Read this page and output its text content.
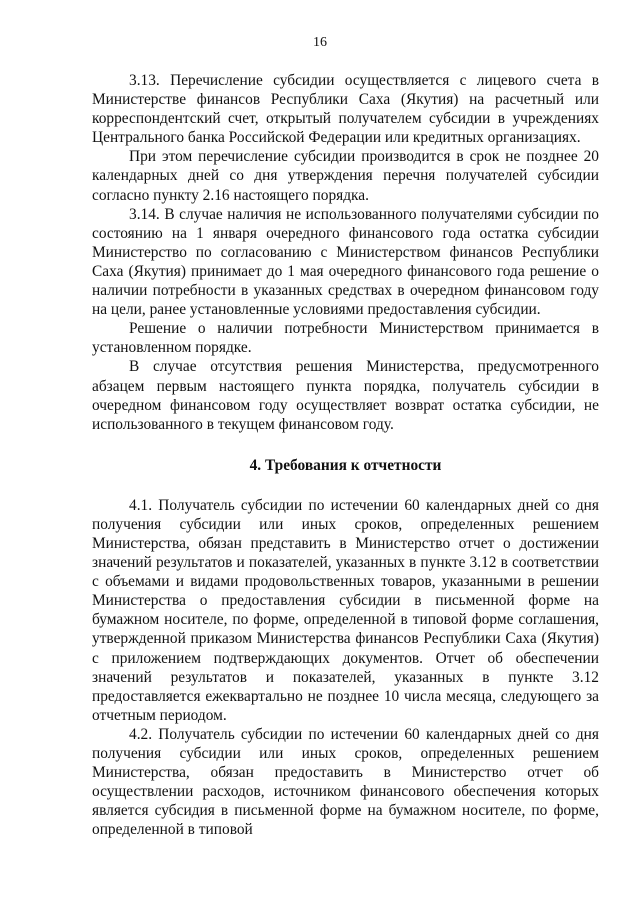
16

3.13. Перечисление субсидии осуществляется с лицевого счета в Министерстве финансов Республики Саха (Якутия) на расчетный или корреспондентский счет, открытый получателем субсидии в учреждениях Центрального банка Российской Федерации или кредитных организациях.

При этом перечисление субсидии производится в срок не позднее 20 календарных дней со дня утверждения перечня получателей субсидии согласно пункту 2.16 настоящего порядка.

3.14. В случае наличия не использованного получателями субсидии по состоянию на 1 января очередного финансового года остатка субсидии Министерство по согласованию с Министерством финансов Республики Саха (Якутия) принимает до 1 мая очередного финансового года решение о наличии потребности в указанных средствах в очередном финансовом году на цели, ранее установленные условиями предоставления субсидии.

Решение о наличии потребности Министерством принимается в установленном порядке.

В случае отсутствия решения Министерства, предусмотренного абзацем первым настоящего пункта порядка, получатель субсидии в очередном финансовом году осуществляет возврат остатка субсидии, не использованного в текущем финансовом году.

4. Требования к отчетности

4.1. Получатель субсидии по истечении 60 календарных дней со дня получения субсидии или иных сроков, определенных решением Министерства, обязан представить в Министерство отчет о достижении значений результатов и показателей, указанных в пункте 3.12 в соответствии с объемами и видами продовольственных товаров, указанными в решении Министерства о предоставления субсидии в письменной форме на бумажном носителе, по форме, определенной в типовой форме соглашения, утвержденной приказом Министерства финансов Республики Саха (Якутия) с приложением подтверждающих документов. Отчет об обеспечении значений результатов и показателей, указанных в пункте 3.12 предоставляется ежеквартально не позднее 10 числа месяца, следующего за отчетным периодом.

4.2. Получатель субсидии по истечении 60 календарных дней со дня получения субсидии или иных сроков, определенных решением Министерства, обязан предоставить в Министерство отчет об осуществлении расходов, источником финансового обеспечения которых является субсидия в письменной форме на бумажном носителе, по форме, определенной в типовой
